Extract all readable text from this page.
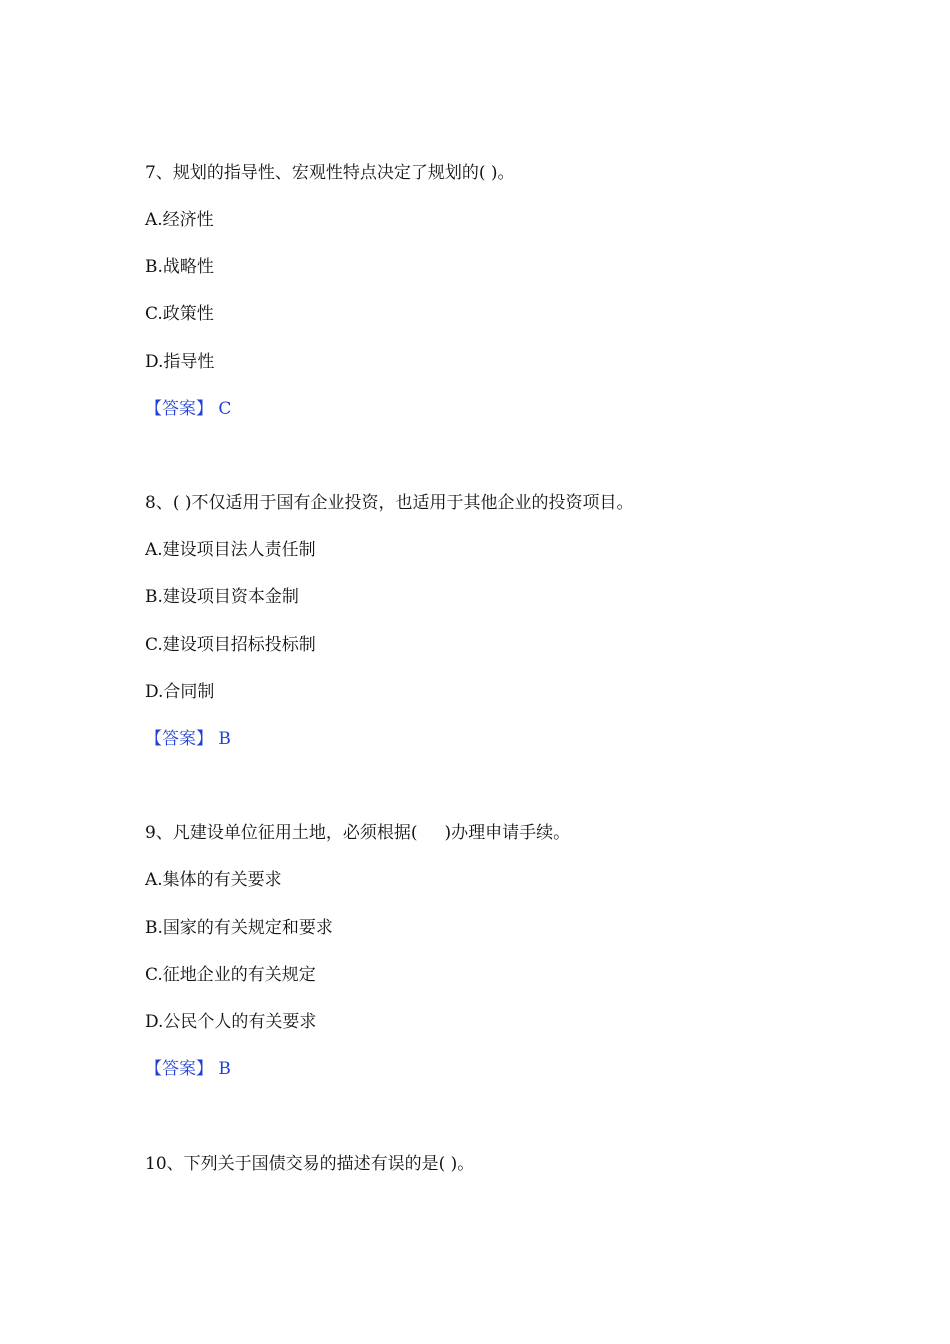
7、规划的指导性、宏观性特点决定了规划的( )。
A.经济性
B.战略性
C.政策性
D.指导性
【答案】 C
8、( )不仅适用于国有企业投资，也适用于其他企业的投资项目。
A.建设项目法人责任制
B.建设项目资本金制
C.建设项目招标投标制
D.合同制
【答案】 B
9、凡建设单位征用土地，必须根据(     )办理申请手续。
A.集体的有关要求
B.国家的有关规定和要求
C.征地企业的有关规定
D.公民个人的有关要求
【答案】 B
10、下列关于国债交易的描述有误的是( )。
